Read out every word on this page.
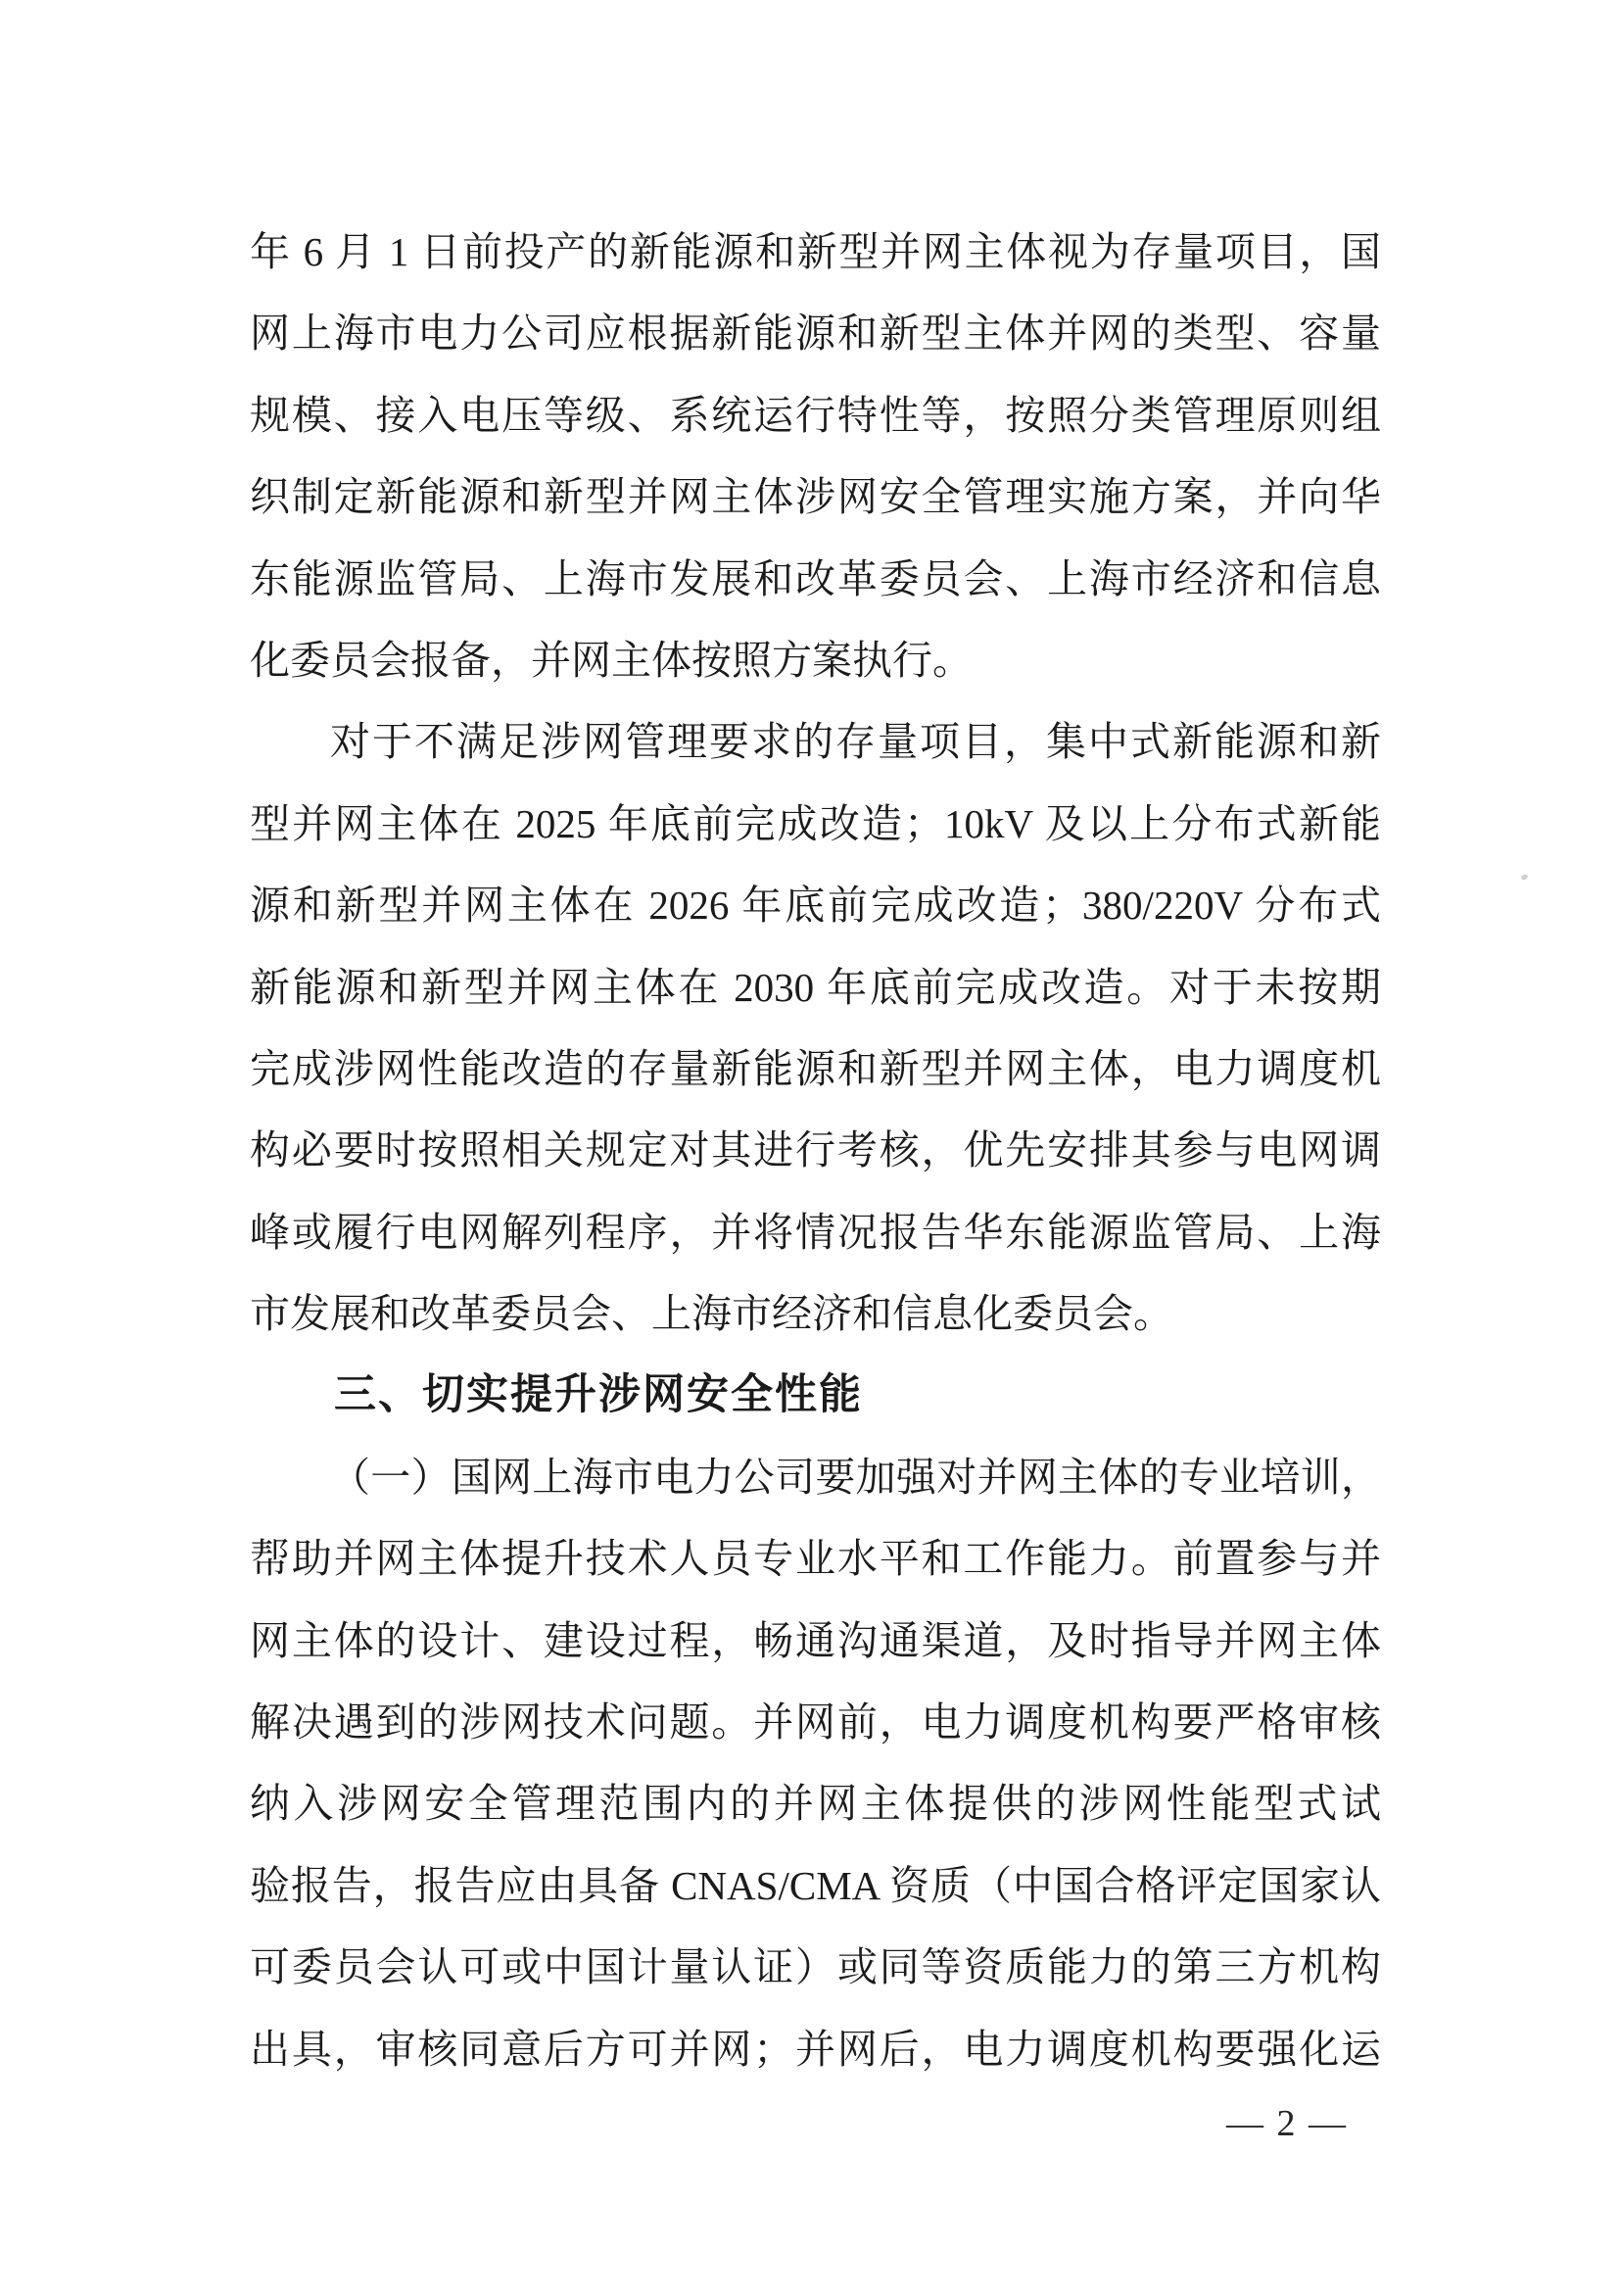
年 6 月 1 日前投产的新能源和新型并网主体视为存量项目，国
网上海市电力公司应根据新能源和新型主体并网的类型、容量
规模、接入电压等级、系统运行特性等，按照分类管理原则组
织制定新能源和新型并网主体涉网安全管理实施方案，并向华
东能源监管局、上海市发展和改革委员会、上海市经济和信息
化委员会报备，并网主体按照方案执行。
对于不满足涉网管理要求的存量项目，集中式新能源和新
型并网主体在 2025 年底前完成改造；10kV 及以上分布式新能
源和新型并网主体在 2026 年底前完成改造；380/220V 分布式
新能源和新型并网主体在 2030 年底前完成改造。对于未按期
完成涉网性能改造的存量新能源和新型并网主体，电力调度机
构必要时按照相关规定对其进行考核，优先安排其参与电网调
峰或履行电网解列程序，并将情况报告华东能源监管局、上海
市发展和改革委员会、上海市经济和信息化委员会。
三、切实提升涉网安全性能
（一）国网上海市电力公司要加强对并网主体的专业培训，
帮助并网主体提升技术人员专业水平和工作能力。前置参与并
网主体的设计、建设过程，畅通沟通渠道，及时指导并网主体
解决遇到的涉网技术问题。并网前，电力调度机构要严格审核
纳入涉网安全管理范围内的并网主体提供的涉网性能型式试
验报告，报告应由具备 CNAS/CMA 资质（中国合格评定国家认
可委员会认可或中国计量认证）或同等资质能力的第三方机构
出具，审核同意后方可并网；并网后，电力调度机构要强化运
— 2 —
